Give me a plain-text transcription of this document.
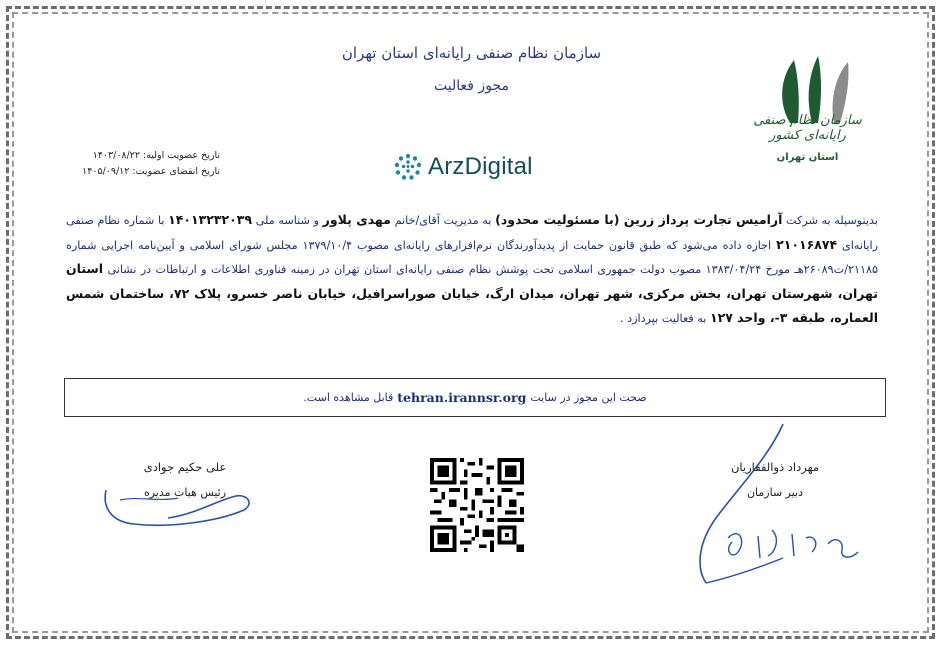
سازمان نظام صنفی رایانه‌ای استان تهران
مجوز فعالیت
تاریخ عضویت اولیه: ۱۴۰۳/۰۸/۲۲
تاریخ انقضای عضویت: ۱۴۰۵/۰۹/۱۲	ArzDigital
سازمان نظام صنفی رایانه‌ای کشور
استان تهران
بدینوسیله به شرکت آرامیس تجارت پرداز زرین (با مسئولیت محدود) به مدیریت آقای/خانم مهدی پلاور و شناسه ملی ۱۴۰۱۳۲۳۲۰۳۹ با شماره نظام صنفی رایانه‌ای ۲۱۰۱۶۸۷۴ اجازه داده می‌شود که طبق قانون حمایت از پدیدآورندگان نرم‌افزارهای رایانه‌ای مصوب ۱۳۷۹/۱۰/۴ مجلس شورای اسلامی و آیین‌نامه اجرایی شماره ۲۱۱۸۵/ت۲۶۰۸۹هـ مورخ ۱۳۸۳/۰۴/۲۴ مصوب دولت جمهوری اسلامی تحت پوشش نظام صنفی رایانه‌ای استان تهران در زمینه فناوری اطلاعات و ارتباطات در نشانی استان تهران، شهرستان تهران، بخش مرکزی، شهر تهران، میدان ارگ، خیابان صوراسرافیل، خیابان ناصر خسرو، پلاک ۷۲، ساختمان شمس العماره، طبقه ۳-، واحد ۱۲۷ به فعالیت بپردازد .
صحت این مجوز در سایت
tehran.irannsr.org
قابل مشاهده است.
علی حکیم جوادی
رئیس هیات مدیره
مهرداد ذوالفقاریان
دبیر سازمان
